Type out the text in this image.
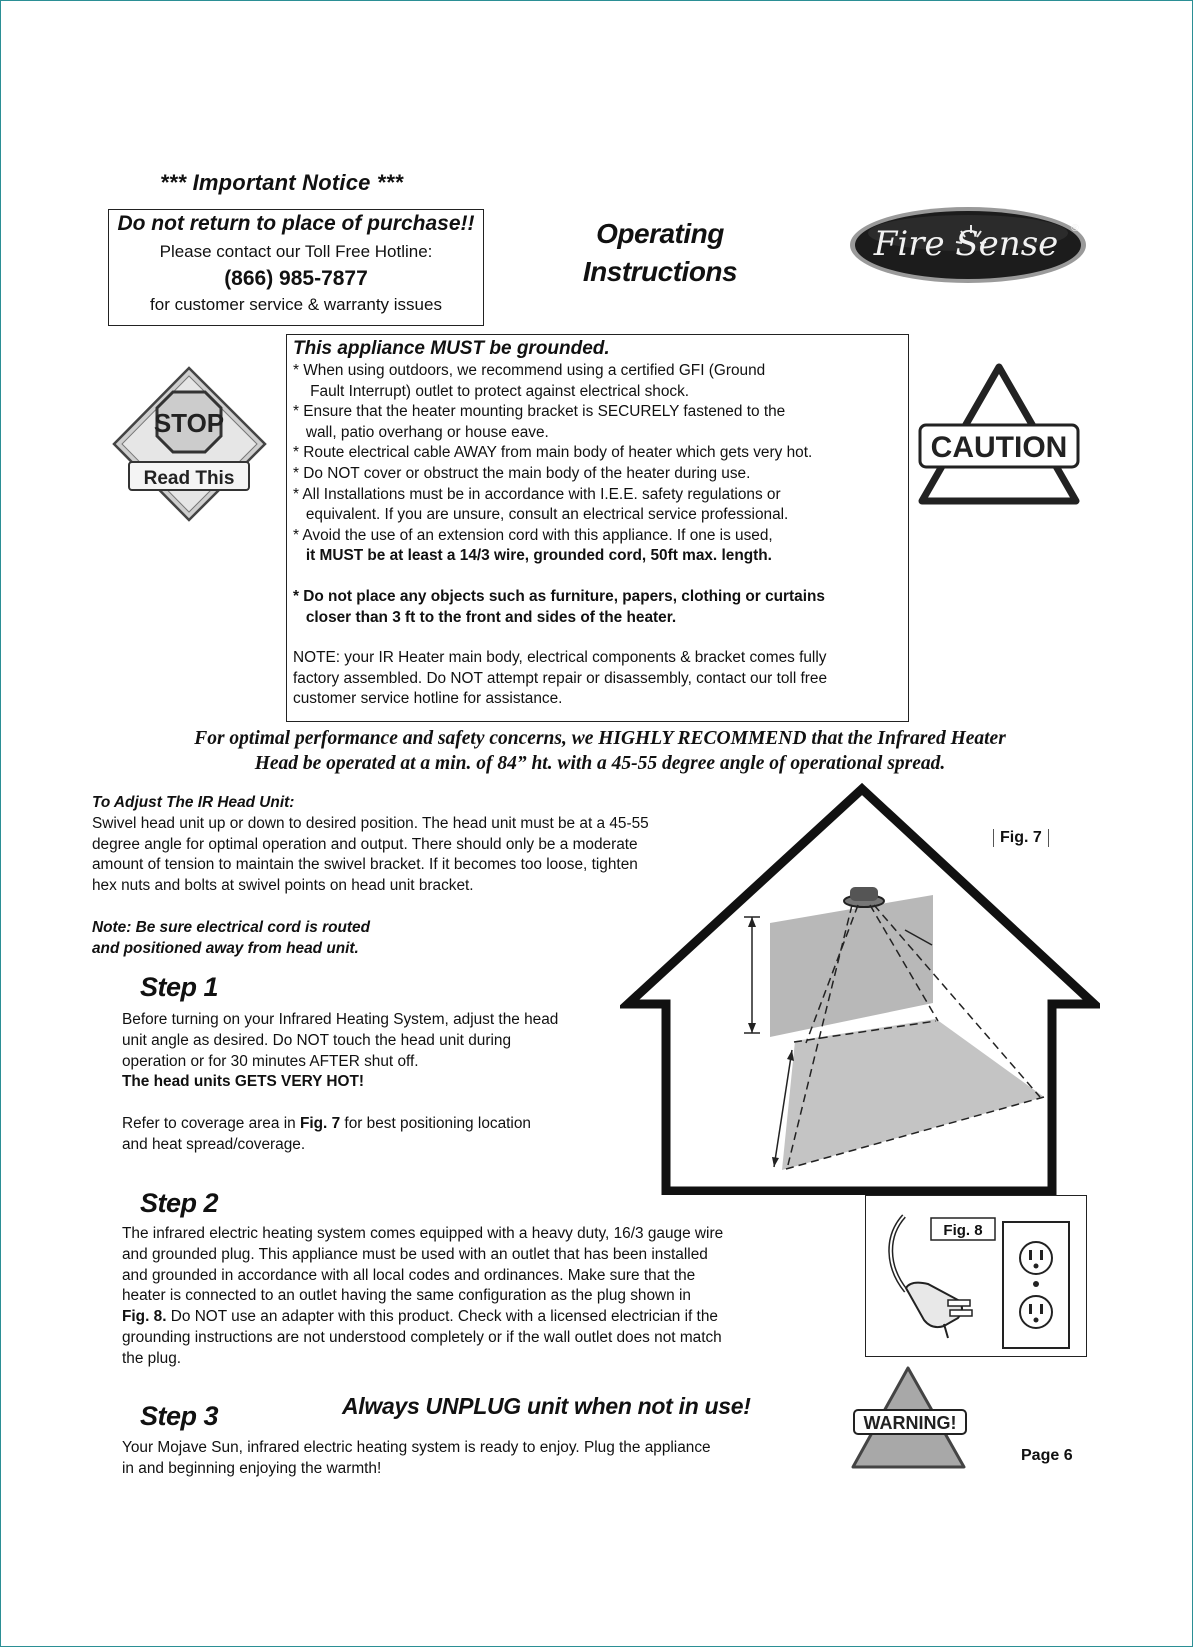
*** Important Notice ***
Do not return to place of purchase!!
Please contact our Toll Free Hotline:
(866) 985-7877
for customer service & warranty issues
Operating
Instructions
Fire Sense ®
STOP
Read This
This appliance MUST be grounded.
* When using outdoors, we recommend using a certified GFI (Ground
Fault Interrupt) outlet to protect against electrical shock.
* Ensure that the heater mounting bracket is SECURELY fastened to the
wall, patio overhang or house eave.
* Route electrical cable AWAY from main body of heater which gets very hot.
* Do NOT cover or obstruct the main body of the heater during use.
* All Installations must be in accordance with I.E.E. safety regulations or
equivalent. If you are unsure, consult an electrical service professional.
* Avoid the use of an extension cord with this appliance. If one is used,
it MUST be at least a 14/3 wire, grounded cord, 50ft max. length.
* Do not place any objects such as furniture, papers, clothing or curtains
closer than 3 ft to the front and sides of the heater.
NOTE: your IR Heater main body, electrical components & bracket comes fully
factory assembled. Do NOT attempt repair or disassembly, contact our toll free
customer service hotline for assistance.
CAUTION
For optimal performance and safety concerns, we HIGHLY RECOMMEND that the Infrared Heater
Head be operated at a min. of 84” ht. with a 45-55 degree angle of operational spread.
To Adjust The IR Head Unit:
Swivel head unit up or down to desired position. The head unit must be at a 45-55
degree angle for optimal operation and output. There should only be a moderate
amount of tension to maintain the swivel bracket. If it becomes too loose, tighten
hex nuts and bolts at swivel points on head unit bracket.
Note: Be sure electrical cord is routed
and positioned away from head unit.
Step 1
Before turning on your Infrared Heating System, adjust the head
unit angle as desired. Do NOT touch the head unit during
operation or for 30 minutes AFTER shut off.
The head units GETS VERY HOT!
Refer to coverage area in Fig. 7 for best positioning location
and heat spread/coverage.
Fig. 7
Step 2
The infrared electric heating system comes equipped with a heavy duty, 16/3 gauge wire
and grounded plug. This appliance must be used with an outlet that has been installed
and grounded in accordance with all local codes and ordinances. Make sure that the
heater is connected to an outlet having the same configuration as the plug shown in
Fig. 8. Do NOT use an adapter with this product. Check with a licensed electrician if the
grounding instructions are not understood completely or if the wall outlet does not match
the plug.
Fig. 8
Step 3	Always UNPLUG unit when not in use!
Your Mojave Sun, infrared electric heating system is ready to enjoy. Plug the appliance
in and beginning enjoying the warmth!
WARNING!
Page 6
